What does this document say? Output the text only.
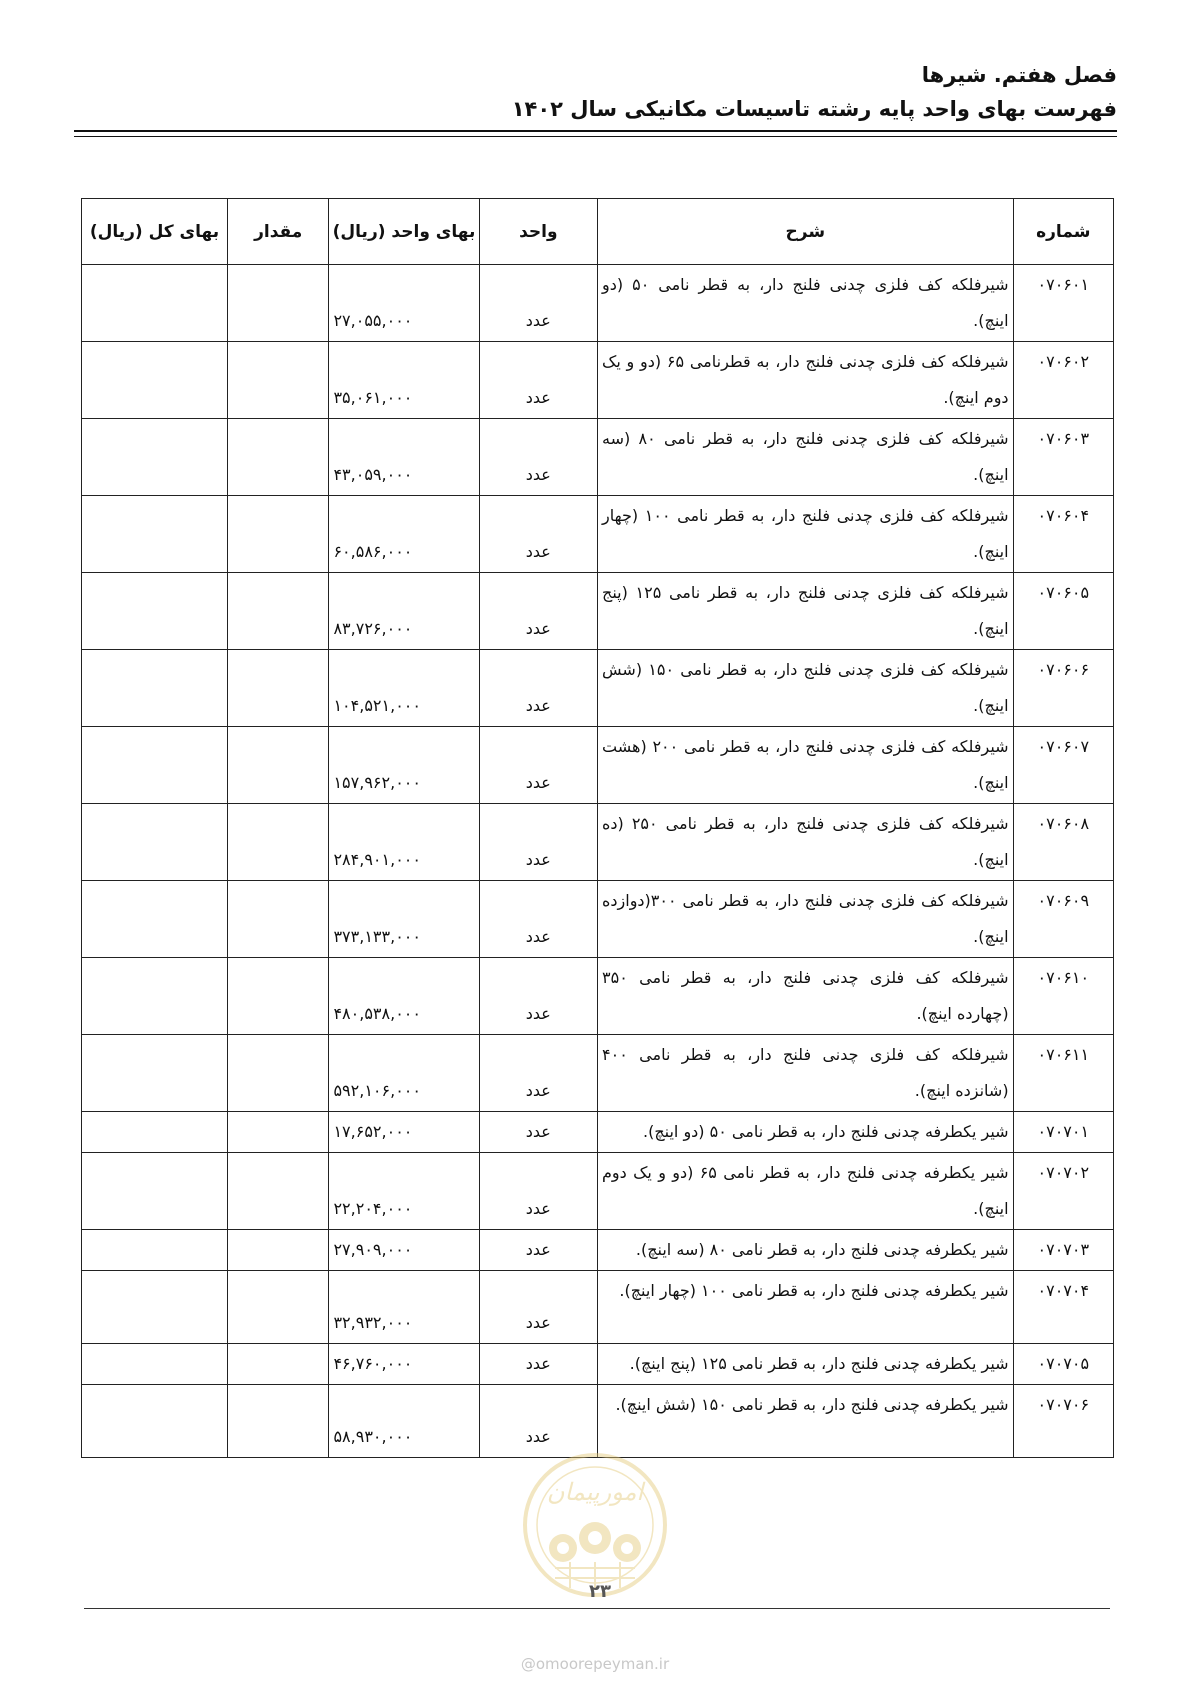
فصل هفتم. شیرها
فهرست بهای واحد پایه رشته تاسیسات مکانیکی سال ۱۴۰۲
شماره	شرح	واحد	بهای واحد (ریال)	مقدار	بهای کل (ریال)
۰۷۰۶۰۱	شیرفلکه کف فلزی چدنی فلنج دار، به قطر نامی ۵۰ (دو اینچ).	عدد	۲۷,۰۵۵,۰۰۰		
۰۷۰۶۰۲	شیرفلکه کف فلزی چدنی فلنج دار، به قطرنامی ۶۵ (دو و یک دوم اینچ).	عدد	۳۵,۰۶۱,۰۰۰		
۰۷۰۶۰۳	شیرفلکه کف فلزی چدنی فلنج دار، به قطر نامی ۸۰ (سه اینچ).	عدد	۴۳,۰۵۹,۰۰۰		
۰۷۰۶۰۴	شیرفلکه کف فلزی چدنی فلنج دار، به قطر نامی ۱۰۰ (چهار اینچ).	عدد	۶۰,۵۸۶,۰۰۰		
۰۷۰۶۰۵	شیرفلکه کف فلزی چدنی فلنج دار، به قطر نامی ۱۲۵ (پنج اینچ).	عدد	۸۳,۷۲۶,۰۰۰		
۰۷۰۶۰۶	شیرفلکه کف فلزی چدنی فلنج دار، به قطر نامی ۱۵۰ (شش اینچ).	عدد	۱۰۴,۵۲۱,۰۰۰		
۰۷۰۶۰۷	شیرفلکه کف فلزی چدنی فلنج دار، به قطر نامی ۲۰۰ (هشت اینچ).	عدد	۱۵۷,۹۶۲,۰۰۰		
۰۷۰۶۰۸	شیرفلکه کف فلزی چدنی فلنج دار، به قطر نامی ۲۵۰ (ده اینچ).	عدد	۲۸۴,۹۰۱,۰۰۰		
۰۷۰۶۰۹	شیرفلکه کف فلزی چدنی فلنج دار، به قطر نامی ۳۰۰(دوازده اینچ).	عدد	۳۷۳,۱۳۳,۰۰۰		
۰۷۰۶۱۰	شیرفلکه کف فلزی چدنی فلنج دار، به قطر نامی ۳۵۰ (چهارده اینچ).	عدد	۴۸۰,۵۳۸,۰۰۰		
۰۷۰۶۱۱	شیرفلکه کف فلزی چدنی فلنج دار، به قطر نامی ۴۰۰ (شانزده اینچ).	عدد	۵۹۲,۱۰۶,۰۰۰		
۰۷۰۷۰۱	شیر یکطرفه چدنی فلنج دار، به قطر نامی ۵۰ (دو اینچ).	عدد	۱۷,۶۵۲,۰۰۰		
۰۷۰۷۰۲	شیر یکطرفه چدنی فلنج دار، به قطر نامی ۶۵ (دو و یک دوم اینچ).	عدد	۲۲,۲۰۴,۰۰۰		
۰۷۰۷۰۳	شیر یکطرفه چدنی فلنج دار، به قطر نامی ۸۰ (سه اینچ).	عدد	۲۷,۹۰۹,۰۰۰		
۰۷۰۷۰۴	شیر یکطرفه چدنی فلنج دار، به قطر نامی ۱۰۰ (چهار اینچ).	عدد	۳۲,۹۳۲,۰۰۰		
۰۷۰۷۰۵	شیر یکطرفه چدنی فلنج دار، به قطر نامی ۱۲۵ (پنج اینچ).	عدد	۴۶,۷۶۰,۰۰۰		
۰۷۰۷۰۶	شیر یکطرفه چدنی فلنج دار، به قطر نامی ۱۵۰ (شش اینچ).	عدد	۵۸,۹۳۰,۰۰۰		
امورپیمان
۲۳
@omoorepeyman.ir
